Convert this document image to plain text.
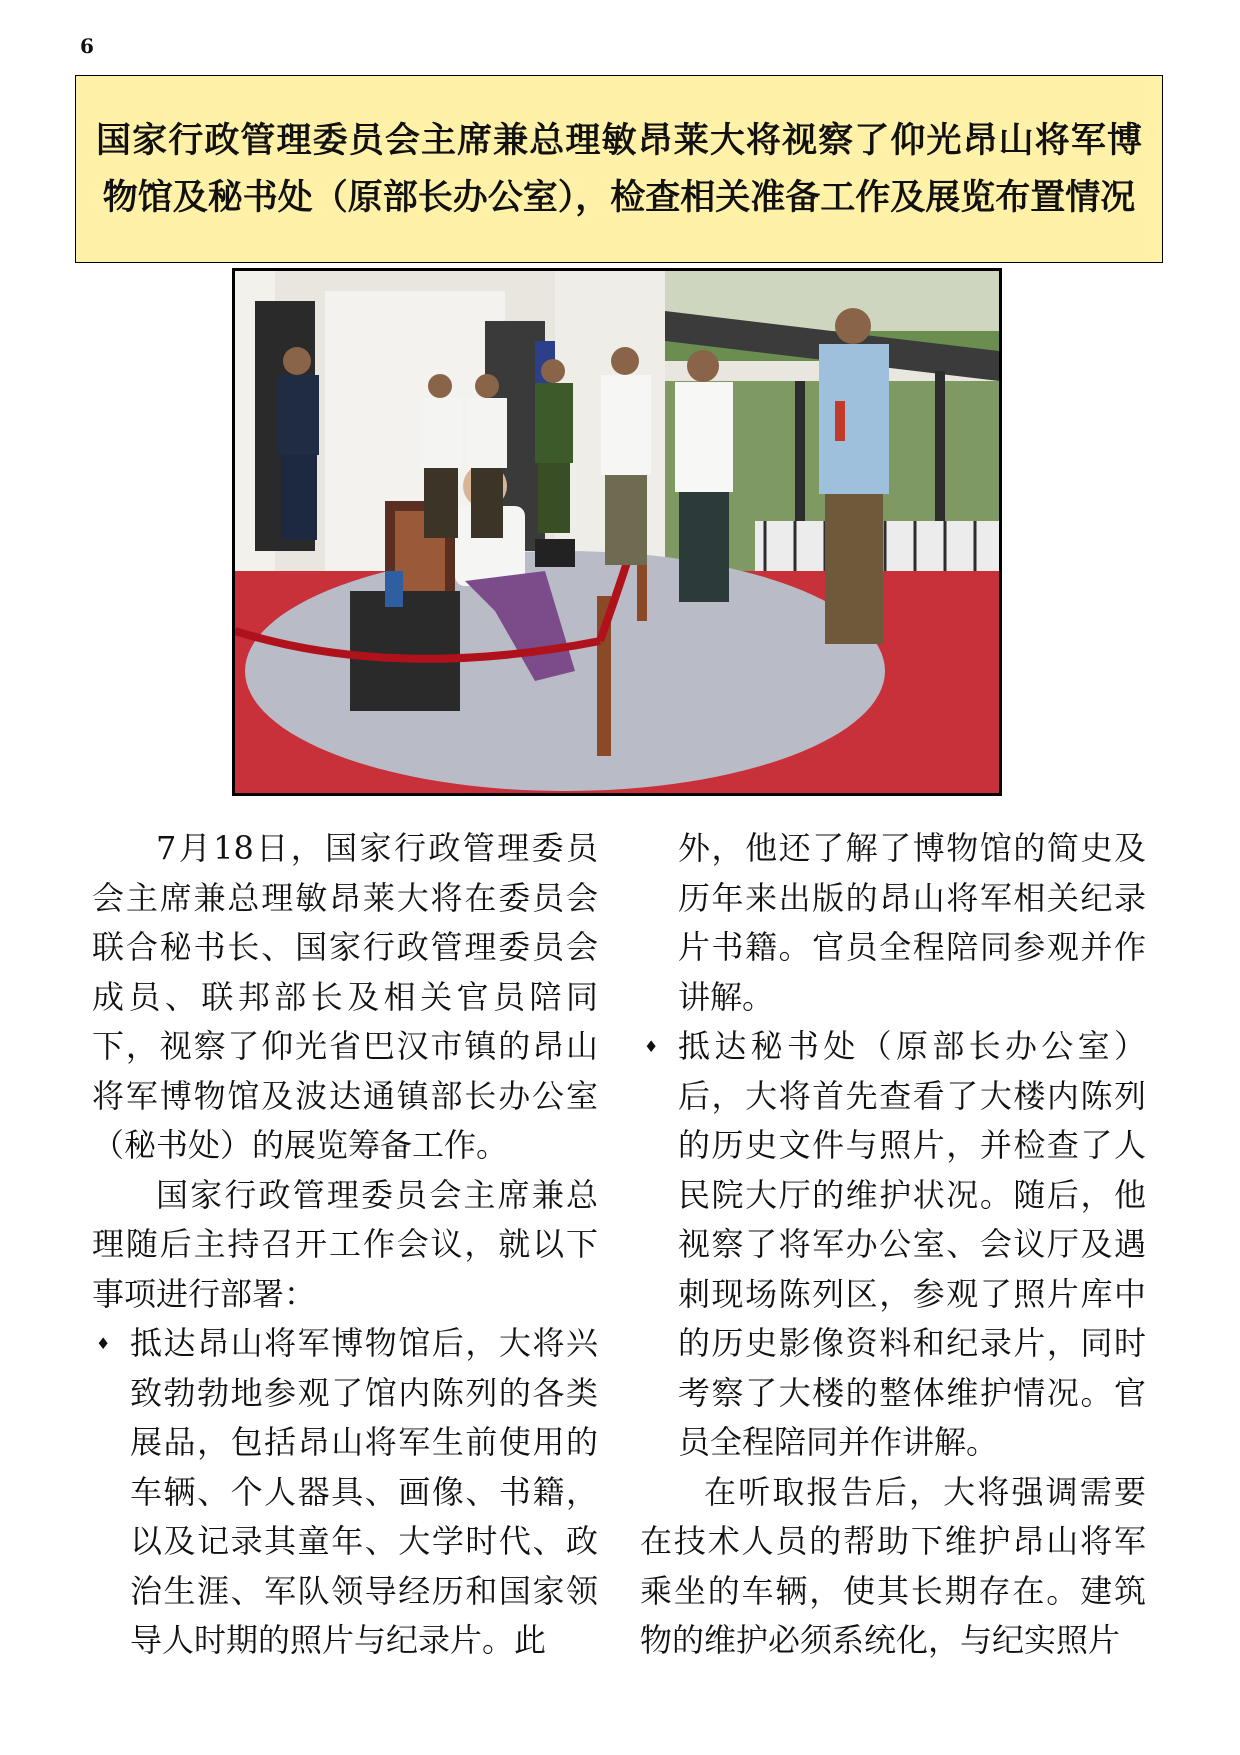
6
国家行政管理委员会主席兼总理敏昂莱大将视察了仰光昂山将军博物馆及秘书处（原部长办公室），检查相关准备工作及展览布置情况

7月18日，国家行政管理委员会主席兼总理敏昂莱大将在委员会联合秘书长、国家行政管理委员会成员、联邦部长及相关官员陪同下，视察了仰光省巴汉市镇的昂山将军博物馆及波达通镇部长办公室（秘书处）的展览筹备工作。

国家行政管理委员会主席兼总理随后主持召开工作会议，就以下事项进行部署：

♦ 抵达昂山将军博物馆后，大将兴致勃勃地参观了馆内陈列的各类展品，包括昂山将军生前使用的车辆、个人器具、画像、书籍，以及记录其童年、大学时代、政治生涯、军队领导经历和国家领导人时期的照片与纪录片。此
外，他还了解了博物馆的简史及历年来出版的昂山将军相关纪录片书籍。官员全程陪同参观并作讲解。
♦ 抵达秘书处（原部长办公室）后，大将首先查看了大楼内陈列的历史文件与照片，并检查了人民院大厅的维护状况。随后，他视察了将军办公室、会议厅及遇刺现场陈列区，参观了照片库中的历史影像资料和纪录片，同时考察了大楼的整体维护情况。官员全程陪同并作讲解。

在听取报告后，大将强调需要在技术人员的帮助下维护昂山将军乘坐的车辆，使其长期存在。建筑物的维护必须系统化，与纪实照片
